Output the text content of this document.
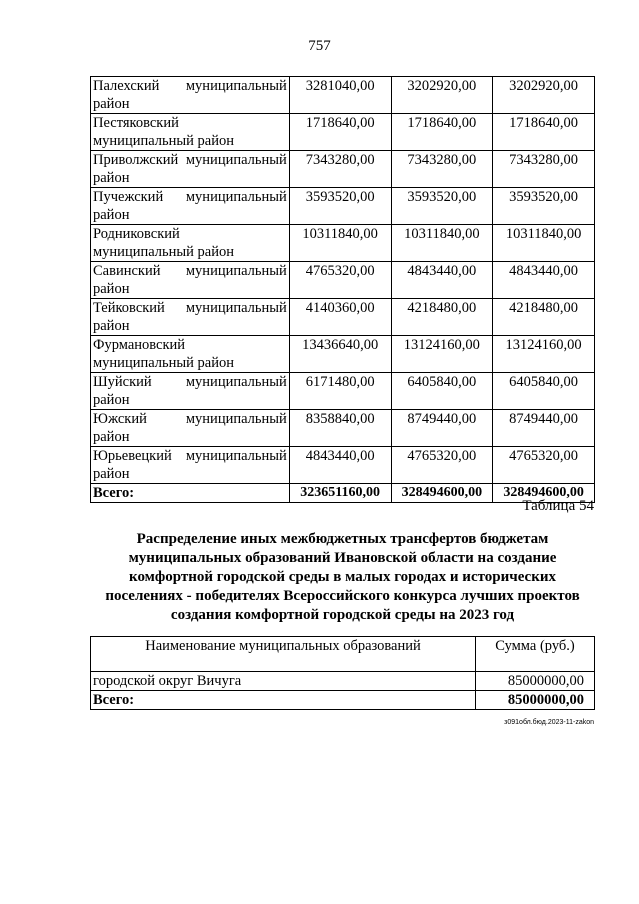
757
Палехский муниципальный
район	3281040,00	3202920,00	3202920,00

Пестяковский
муниципальный район	1718640,00	1718640,00	1718640,00

Приволжский муниципальный
район	7343280,00	7343280,00	7343280,00

Пучежский муниципальный
район	3593520,00	3593520,00	3593520,00

Родниковский
муниципальный район	10311840,00	10311840,00	10311840,00

Савинский муниципальный
район	4765320,00	4843440,00	4843440,00

Тейковский муниципальный
район	4140360,00	4218480,00	4218480,00

Фурмановский
муниципальный район	13436640,00	13124160,00	13124160,00

Шуйский муниципальный
район	6171480,00	6405840,00	6405840,00

Южский муниципальный
район	8358840,00	8749440,00	8749440,00

Юрьевецкий муниципальный
район	4843440,00	4765320,00	4765320,00
Всего:	323651160,00	328494600,00	328494600,00
Таблица 54
Распределение иных межбюджетных трансфертов бюджетам
муниципальных образований Ивановской области на создание
комфортной городской среды в малых городах и исторических
поселениях - победителях Всероссийского конкурса лучших проектов
создания комфортной городской среды на 2023 год
Наименование муниципальных образований	Сумма (руб.)
городской округ Вичуга	85000000,00
Всего:	85000000,00
з091обл.бюд.2023-11-zakon
